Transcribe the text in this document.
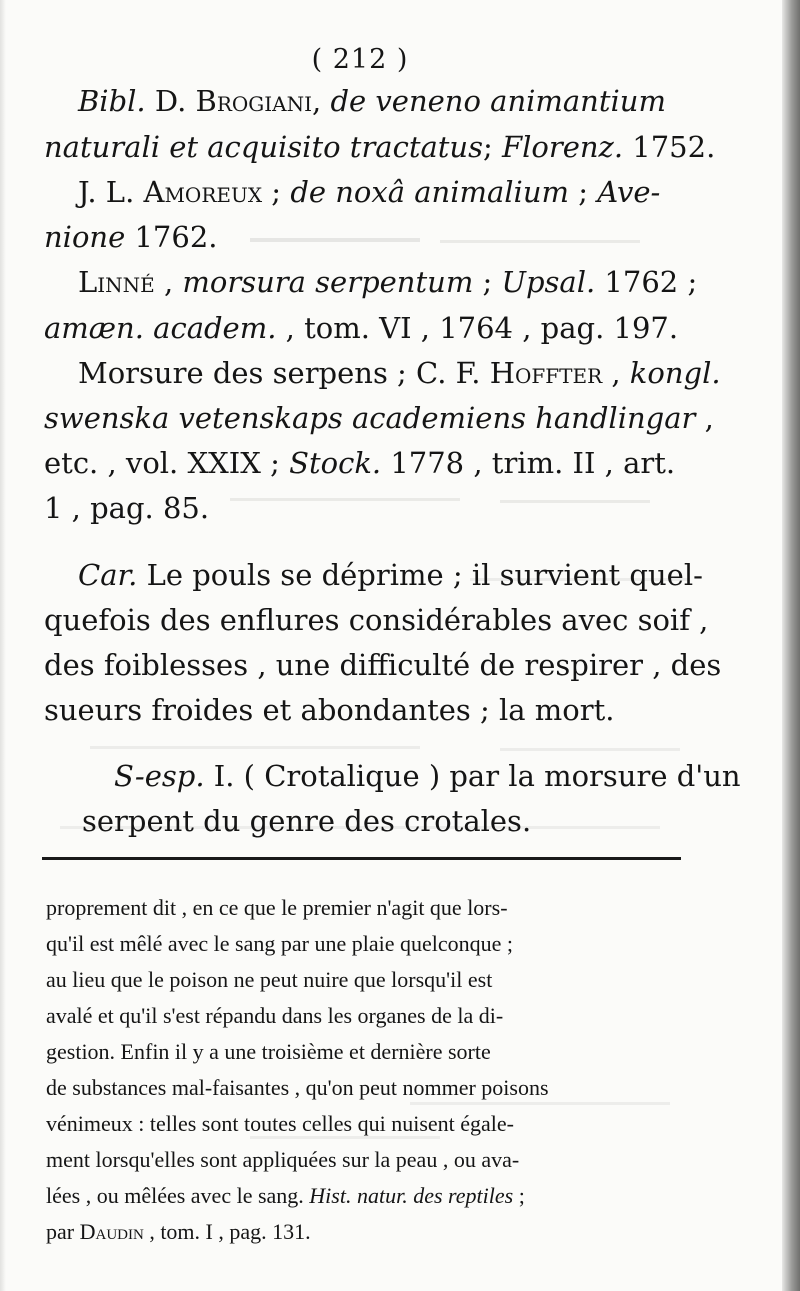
( 212 )
Bibl. D. Brogiani, de veneno animantium
naturali et acquisito tractatus; Florenz. 1752.
J. L. Amoreux ; de noxâ animalium ; Ave-
nione 1762.
Linné , morsura serpentum ; Upsal. 1762 ;
amæn. academ. , tom. VI , 1764 , pag. 197.
Morsure des serpens ; C. F. Hoffter , kongl.
swenska vetenskaps academiens handlingar ,
etc. , vol. XXIX ; Stock. 1778 , trim. II , art.
1 , pag. 85.
Car. Le pouls se déprime ; il survient quel-
quefois des enflures considérables avec soif ,
des foiblesses , une difficulté de respirer , des
sueurs froides et abondantes ; la mort.
S-esp. I. ( Crotalique ) par la morsure d'un
serpent du genre des crotales.
proprement dit , en ce que le premier n'agit que lors-
qu'il est mêlé avec le sang par une plaie quelconque ;
au lieu que le poison ne peut nuire que lorsqu'il est
avalé et qu'il s'est répandu dans les organes de la di-
gestion. Enfin il y a une troisième et dernière sorte
de substances mal-faisantes , qu'on peut nommer poisons
vénimeux : telles sont toutes celles qui nuisent égale-
ment lorsqu'elles sont appliquées sur la peau , ou ava-
lées , ou mêlées avec le sang. Hist. natur. des reptiles ;
par Daudin , tom. I , pag. 131.
